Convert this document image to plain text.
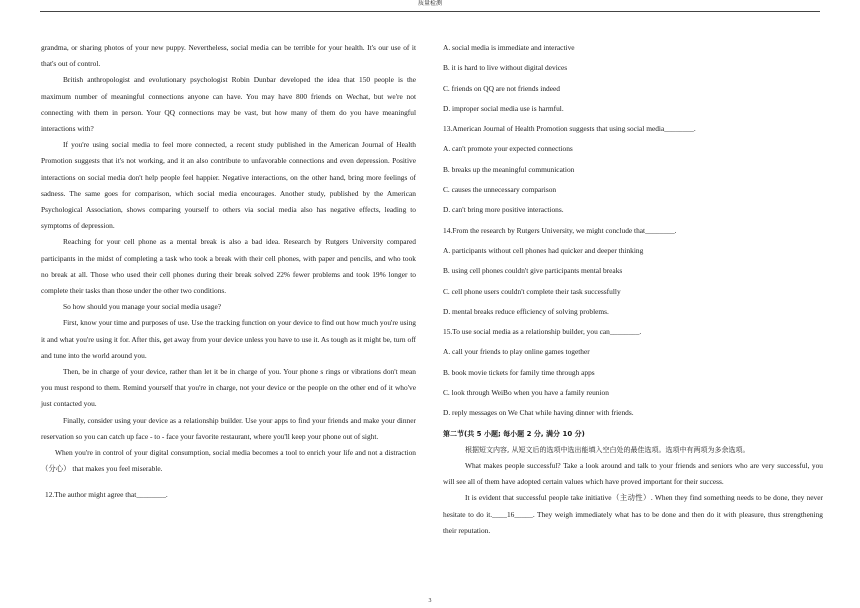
质量检测

grandma, or sharing photos of your new puppy. Nevertheless, social media can be terrible for your health. It's our use of it that's out of control.

British anthropologist and evolutionary psychologist Robin Dunbar developed the idea that 150 people is the maximum number of meaningful connections anyone can have. You may have 800 friends on Wechat, but we're not connecting with them in person. Your QQ connections may be vast, but how many of them do you have meaningful interactions with?

If you're using social media to feel more connected, a recent study published in the American Journal of Health Promotion suggests that it's not working, and it an also contribute to unfavorable connections and even depression. Positive interactions on social media don't help people feel happier. Negative interactions, on the other hand, bring more feelings of sadness. The same goes for comparison, which social media encourages. Another study, published by the American Psychological Association, shows comparing yourself to others via social media also has negative effects, leading to symptoms of depression.

Reaching for your cell phone as a mental break is also a bad idea. Research by Rutgers University compared participants in the midst of completing a task who took a break with their cell phones, with paper and pencils, and who took no break at all. Those who used their cell phones during their break solved 22% fewer problems and took 19% longer to complete their tasks than those under the other two conditions.

So how should you manage your social media usage?

First, know your time and purposes of use. Use the tracking function on your device to find out how much you're using it and what you're using it for. After this, get away from your device unless you have to use it. As tough as it might be, turn off and tune into the world around you.

Then, be in charge of your device, rather than let it be in charge of you. Your phone s rings or vibrations don't mean you must respond to them. Remind yourself that you're in charge, not your device or the people on the other end of it who've just contacted you.

Finally, consider using your device as a relationship builder. Use your apps to find your friends and make your dinner reservation so you can catch up face - to - face your favorite restaurant, where you'll keep your phone out of sight.

When you're in control of your digital consumption, social media becomes a tool to enrich your life and not a distraction （分心） that makes you feel miserable.

12.The author might agree that________.

A. social media is immediate and interactive

B. it is hard to live without digital devices

C. friends on QQ are not friends indeed

D. improper social media use is harmful.

13.American Journal of Health Promotion suggests that using social media________.

A. can't promote your expected connections

B. breaks up the meaningful communication

C. causes the unnecessary comparison

D. can't bring more positive interactions.

14.From the research by Rutgers University, we might conclude that________.

A. participants without cell phones had quicker and deeper thinking

B. using cell phones couldn't give participants mental breaks

C. cell phone users couldn't complete their task successfully

D. mental breaks reduce efficiency of solving problems.

15.To use social media as a relationship builder, you can________.

A. call your friends to play online games together

B. book movie tickets for family time through apps

C. look through WeiBo when you have a family reunion

D. reply messages on We Chat while having dinner with friends.

第二节(共 5 小题; 每小题 2 分, 满分 10 分)

根据短文内容, 从短文后的选项中选出能填入空白处的最佳选项。选项中有两项为多余选项。

What makes people successful? Take a look around and talk to your friends and seniors who are very successful, you will see all of them have adopted certain values which have proved important for their success.

It is evident that successful people take initiative（主动性）. When they find something needs to be done, they never hesitate to do it.____16_____. They weigh immediately what has to be done and then do it with pleasure, thus strengthening their reputation.

3
